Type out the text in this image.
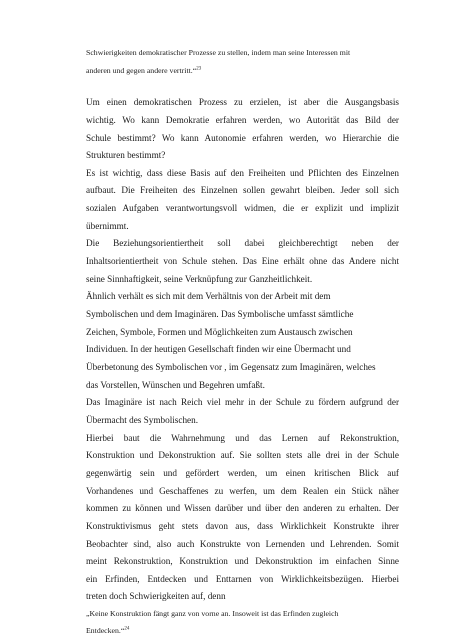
Schwierigkeiten demokratischer Prozesse zu stellen, indem man seine Interessen mit
anderen und gegen andere vertritt.“$^{23}$
Um einen demokratischen Prozess zu erzielen, ist aber die Ausgangsbasis
wichtig. Wo kann Demokratie erfahren werden, wo Autorität das Bild der
Schule bestimmt? Wo kann Autonomie erfahren werden, wo Hierarchie die
Strukturen bestimmt?
Es ist wichtig, dass diese Basis auf den Freiheiten und Pflichten des Einzelnen
aufbaut. Die Freiheiten des Einzelnen sollen gewahrt bleiben. Jeder soll sich
sozialen Aufgaben verantwortungsvoll widmen, die er explizit und implizit
übernimmt.
Die Beziehungsorientiertheit soll dabei gleichberechtigt neben der
Inhaltsorientiertheit von Schule stehen. Das Eine erhält ohne das Andere nicht
seine Sinnhaftigkeit, seine Verknüpfung zur Ganzheitlichkeit.
Ähnlich verhält es sich mit dem Verhältnis von der Arbeit mit dem
Symbolischen und dem Imaginären. Das Symbolische umfasst sämtliche
Zeichen, Symbole, Formen und Möglichkeiten zum Austausch zwischen
Individuen. In der heutigen Gesellschaft finden wir eine Übermacht und
Überbetonung des Symbolischen vor , im Gegensatz zum Imaginären, welches
das Vorstellen, Wünschen und Begehren umfaßt.
Das Imaginäre ist nach Reich viel mehr in der Schule zu fördern aufgrund der
Übermacht des Symbolischen.
Hierbei baut die Wahrnehmung und das Lernen auf Rekonstruktion,
Konstruktion und Dekonstruktion auf. Sie sollten stets alle drei in der Schule
gegenwärtig sein und gefördert werden, um einen kritischen Blick auf
Vorhandenes und Geschaffenes zu werfen, um dem Realen ein Stück näher
kommen zu können und Wissen darüber und über den anderen zu erhalten. Der
Konstruktivismus geht stets davon aus, dass Wirklichkeit Konstrukte ihrer
Beobachter sind, also auch Konstrukte von Lernenden und Lehrenden. Somit
meint Rekonstruktion, Konstruktion und Dekonstruktion im einfachen Sinne
ein Erfinden, Entdecken und Enttarnen von Wirklichkeitsbezügen. Hierbei
treten doch Schwierigkeiten auf, denn
„Keine Konstruktion fängt ganz von vorne an. Insoweit ist das Erfinden zugleich
Entdecken.“$^{24}$
